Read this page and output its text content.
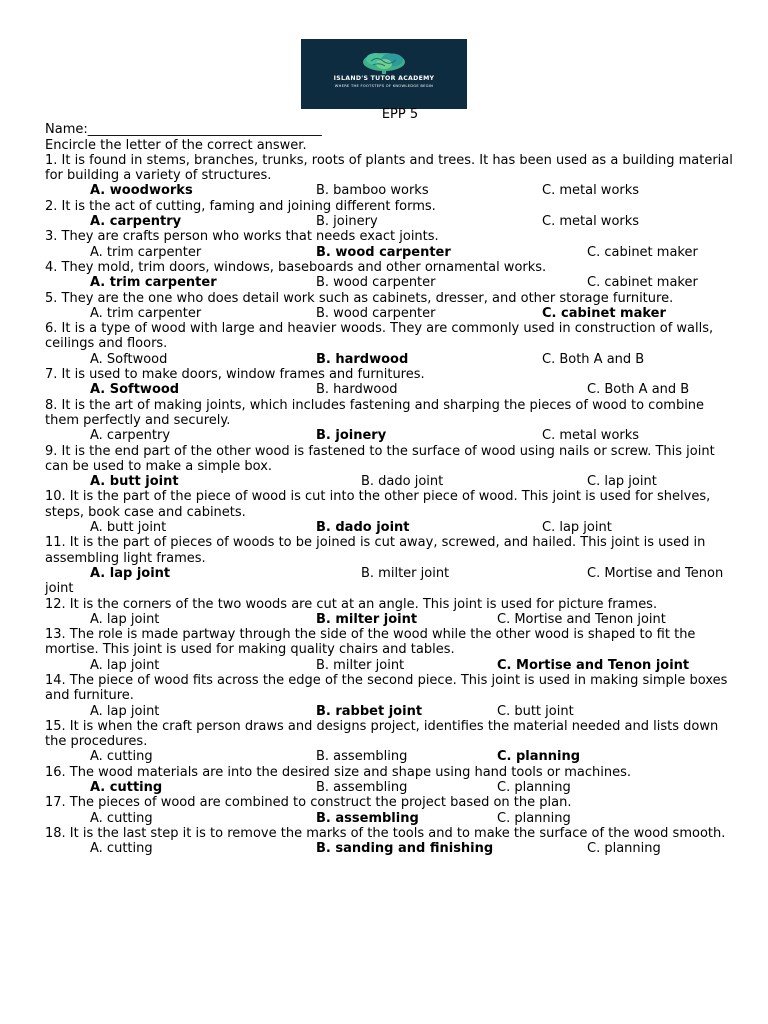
ISLAND'S TUTOR ACADEMY
WHERE THE FOOTSTEPS OF KNOWLEDGE BEGIN
EPP 5
Name:____________________________________
Encircle the letter of the correct answer.
1. It is found in stems, branches, trunks, roots of plants and trees. It has been used as a building material for building a variety of structures.
A. woodworks	B. bamboo works	C. metal works
2. It is the act of cutting, faming and joining different forms.
A. carpentry	B. joinery	C. metal works
3. They are crafts person who works that needs exact joints.
A. trim carpenter	B. wood carpenter	C. cabinet maker
4. They mold, trim doors, windows, baseboards and other ornamental works.
A. trim carpenter	B. wood carpenter	C. cabinet maker
5. They are the one who does detail work such as cabinets, dresser, and other storage furniture.
A. trim carpenter	B. wood carpenter	C. cabinet maker
6. It is a type of wood with large and heavier woods. They are commonly used in construction of walls, ceilings and floors.
A. Softwood	B. hardwood	C. Both A and B
7. It is used to make doors, window frames and furnitures.
A. Softwood	B. hardwood	C. Both A and B
8. It is the art of making joints, which includes fastening and sharping the pieces of wood to combine them perfectly and securely.
A. carpentry	B. joinery	C. metal works
9. It is the end part of the other wood is fastened to the surface of wood using nails or screw. This joint can be used to make a simple box.
A. butt joint	B. dado joint	C. lap joint
10. It is the part of the piece of wood is cut into the other piece of wood. This joint is used for shelves, steps, book case and cabinets.
A. butt joint	B. dado joint	C. lap joint
11. It is the part of pieces of woods to be joined is cut away, screwed, and hailed. This joint is used in assembling light frames.
A. lap joint	B. milter joint	C. Mortise and Tenon
joint
12. It is the corners of the two woods are cut at an angle. This joint is used for picture frames.
A. lap joint	B. milter joint	C. Mortise and Tenon joint
13. The role is made partway through the side of the wood while the other wood is shaped to fit the mortise. This joint is used for making quality chairs and tables.
A. lap joint	B. milter joint	C. Mortise and Tenon joint
14. The piece of wood fits across the edge of the second piece. This joint is used in making simple boxes and furniture.
A. lap joint	B. rabbet joint	C. butt joint
15. It is when the craft person draws and designs project, identifies the material needed and lists down the procedures.
A. cutting	B. assembling	C. planning
16. The wood materials are into the desired size and shape using hand tools or machines.
A. cutting	B. assembling	C. planning
17. The pieces of wood are combined to construct the project based on the plan.
A. cutting	B. assembling	C. planning
18. It is the last step it is to remove the marks of the tools and to make the surface of the wood smooth.
A. cutting	B. sanding and finishing	C. planning
